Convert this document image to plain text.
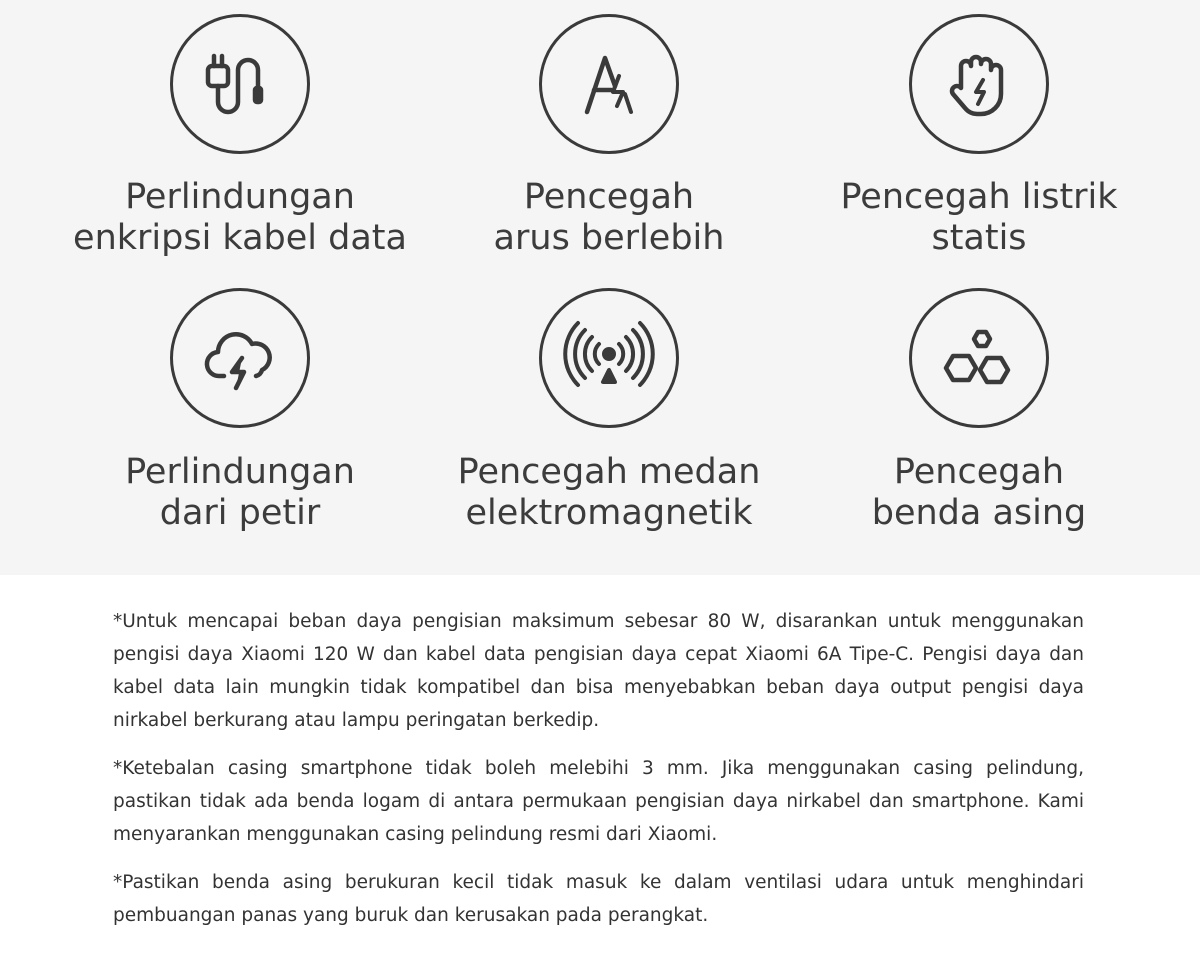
Perlindungan
enkripsi kabel data
Pencegah
arus berlebih
Pencegah listrik
statis
Perlindungan
dari petir
Pencegah medan
elektromagnetik
Pencegah
benda asing

*Untuk mencapai beban daya pengisian maksimum sebesar 80 W, disarankan untuk menggunakan pengisi daya Xiaomi 120 W dan kabel data pengisian daya cepat Xiaomi 6A Tipe-C. Pengisi daya dan kabel data lain mungkin tidak kompatibel dan bisa menyebabkan beban daya output pengisi daya nirkabel berkurang atau lampu peringatan berkedip.

*Ketebalan casing smartphone tidak boleh melebihi 3 mm. Jika menggunakan casing pelindung, pastikan tidak ada benda logam di antara permukaan pengisian daya nirkabel dan smartphone. Kami menyarankan menggunakan casing pelindung resmi dari Xiaomi.

*Pastikan benda asing berukuran kecil tidak masuk ke dalam ventilasi udara untuk menghindari pembuangan panas yang buruk dan kerusakan pada perangkat.
